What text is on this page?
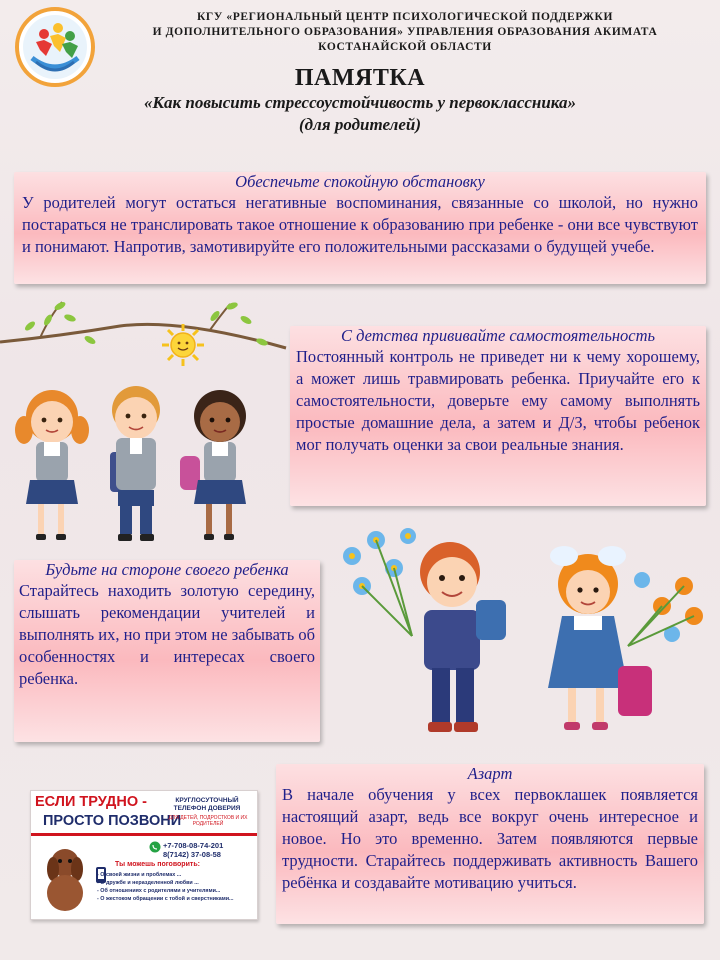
КГУ «РЕГИОНАЛЬНЫЙ ЦЕНТР ПСИХОЛОГИЧЕСКОЙ ПОДДЕРЖКИ
И ДОПОЛНИТЕЛЬНОГО ОБРАЗОВАНИЯ» УПРАВЛЕНИЯ ОБРАЗОВАНИЯ АКИМАТА
КОСТАНАЙСКОЙ ОБЛАСТИ
ПАМЯТКА
«Как повысить стрессоустойчивость у первоклассника»
(для родителей)
Обеспечьте спокойную обстановку
У родителей могут остаться негативные воспоминания, связанные со школой, но нужно постараться не транслировать такое отношение к образованию при ребенке - они все чувствуют и понимают. Напротив, замотивируйте его положительными рассказами о будущей учебе.
С детства прививайте самостоятельность
Постоянный контроль не приведет ни к чему хорошему, а может лишь травмировать ребенка. Приучайте его к самостоятельности, доверьте ему самому выполнять простые домашние дела, а затем и Д/З, чтобы ребенок мог получать оценки за свои реальные знания.
Будьте на стороне своего ребенка
Старайтесь находить золотую середину, слышать рекомендации учителей и выполнять их, но при этом не забывать об особенностях и интересах своего ребенка.
ЕСЛИ ТРУДНО -
ПРОСТО ПОЗВОНИ
КРУГЛОСУТОЧНЫЙ ТЕЛЕФОН ДОВЕРИЯ
ДЛЯ ДЕТЕЙ, ПОДРОСТКОВ И ИХ РОДИТЕЛЕЙ
+7-708-08-74-201
8(7142) 37-08-58
Ты можешь поговорить:
- О своей жизни и проблемах ...
- О дружбе и неразделенной любви ...
- Об отношениях с родителями и учителями...
- О жестоком обращении с тобой и сверстниками...
Азарт
В начале обучения у всех первоклашек появляется настоящий азарт, ведь все вокруг очень интересное и новое. Но это временно. Затем появляются первые трудности. Старайтесь поддерживать активность Вашего ребёнка и создавайте мотивацию учиться.
